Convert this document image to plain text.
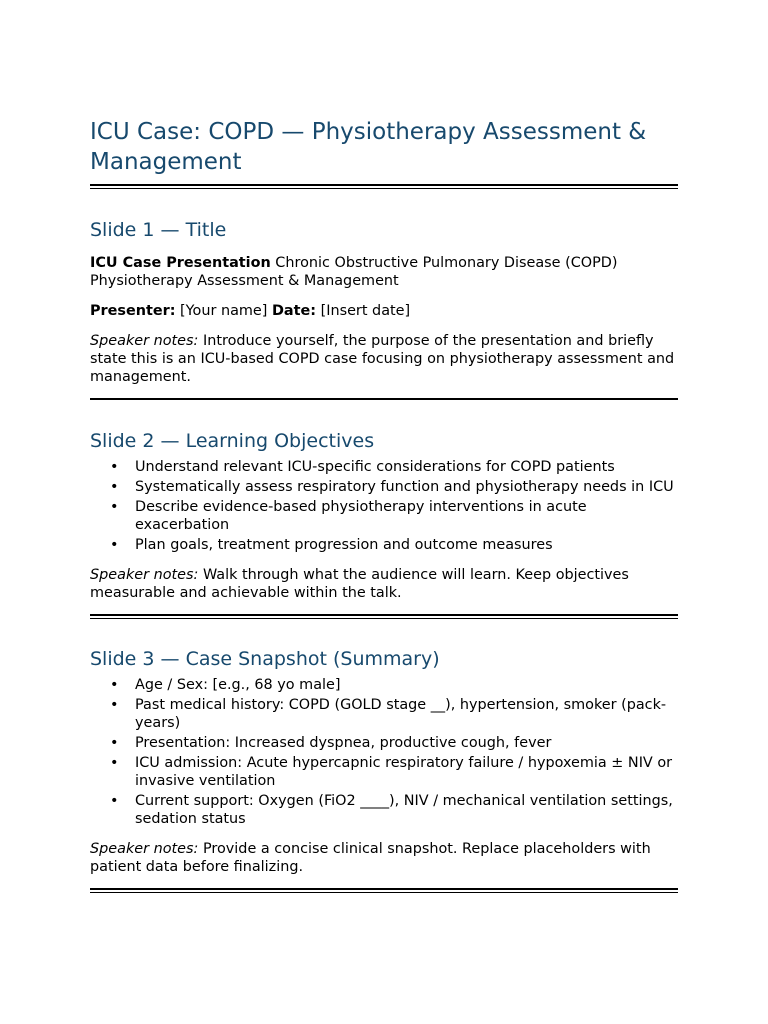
ICU Case: COPD — Physiotherapy Assessment & Management
Slide 1 — Title

ICU Case Presentation Chronic Obstructive Pulmonary Disease (COPD) Physiotherapy Assessment & Management

Presenter: [Your name] Date: [Insert date]

Speaker notes: Introduce yourself, the purpose of the presentation and briefly state this is an ICU-based COPD case focusing on physiotherapy assessment and management.

Slide 2 — Learning Objectives
• Understand relevant ICU-specific considerations for COPD patients
• Systematically assess respiratory function and physiotherapy needs in ICU
• Describe evidence-based physiotherapy interventions in acute exacerbation
• Plan goals, treatment progression and outcome measures

Speaker notes: Walk through what the audience will learn. Keep objectives measurable and achievable within the talk.

Slide 3 — Case Snapshot (Summary)
• Age / Sex: [e.g., 68 yo male]
• Past medical history: COPD (GOLD stage __), hypertension, smoker (pack-years)
• Presentation: Increased dyspnea, productive cough, fever
• ICU admission: Acute hypercapnic respiratory failure / hypoxemia ± NIV or invasive ventilation
• Current support: Oxygen (FiO2 ____), NIV / mechanical ventilation settings, sedation status

Speaker notes: Provide a concise clinical snapshot. Replace placeholders with patient data before finalizing.
